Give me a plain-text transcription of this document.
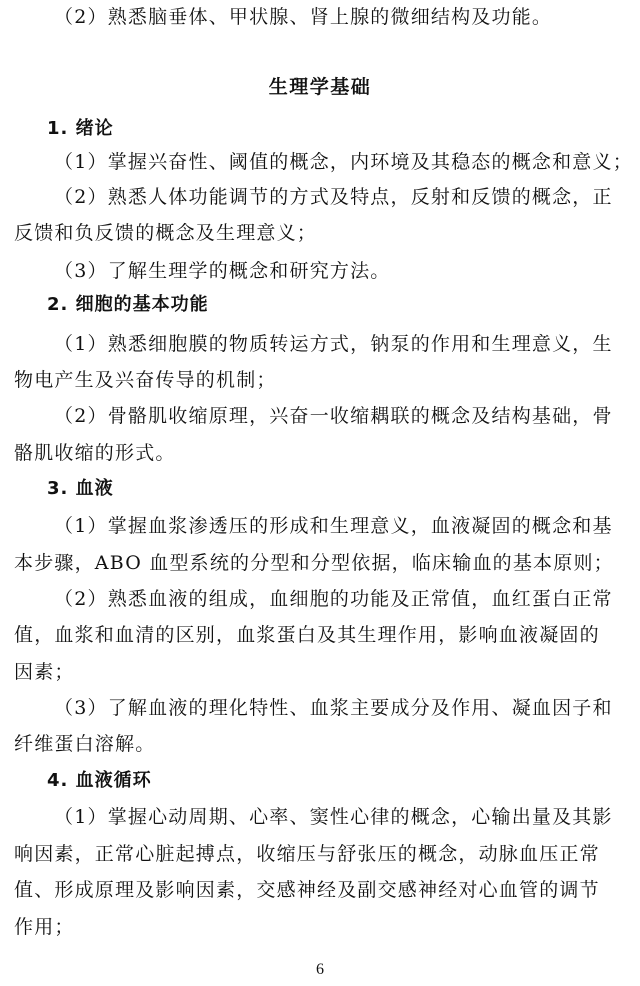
（2）熟悉脑垂体、甲状腺、肾上腺的微细结构及功能。
生理学基础
1. 绪论
（1）掌握兴奋性、阈值的概念，内环境及其稳态的概念和意义；
（2）熟悉人体功能调节的方式及特点，反射和反馈的概念，正
反馈和负反馈的概念及生理意义；
（3）了解生理学的概念和研究方法。
2. 细胞的基本功能
（1）熟悉细胞膜的物质转运方式，钠泵的作用和生理意义，生
物电产生及兴奋传导的机制；
（2）骨骼肌收缩原理，兴奋一收缩耦联的概念及结构基础，骨
骼肌收缩的形式。
3. 血液
（1）掌握血浆渗透压的形成和生理意义，血液凝固的概念和基
本步骤，ABO 血型系统的分型和分型依据，临床输血的基本原则；
（2）熟悉血液的组成，血细胞的功能及正常值，血红蛋白正常
值，血浆和血清的区别，血浆蛋白及其生理作用，影响血液凝固的
因素；
（3）了解血液的理化特性、血浆主要成分及作用、凝血因子和
纤维蛋白溶解。
4. 血液循环
（1）掌握心动周期、心率、窦性心律的概念，心输出量及其影
响因素，正常心脏起搏点，收缩压与舒张压的概念，动脉血压正常
值、形成原理及影响因素，交感神经及副交感神经对心血管的调节
作用；
6
